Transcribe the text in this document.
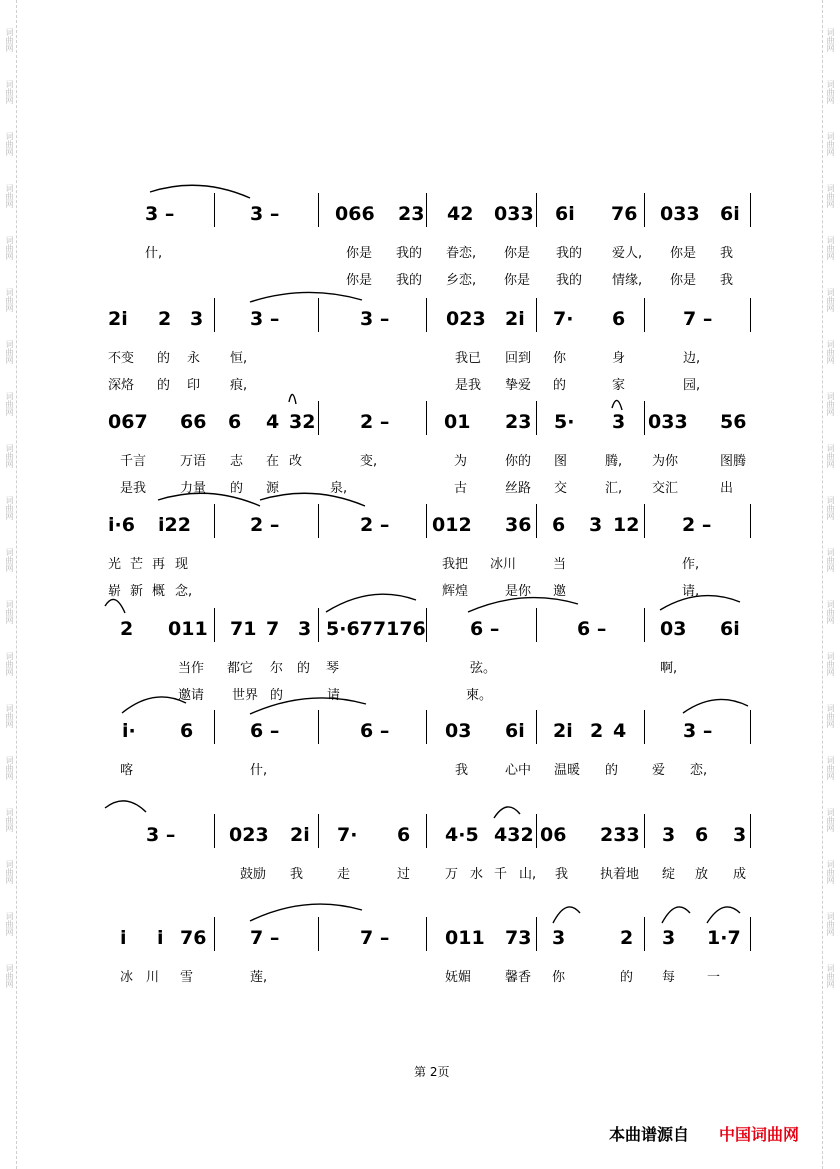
词曲网
词曲网
词曲网
词曲网
词曲网
词曲网
词曲网
词曲网
词曲网
词曲网
词曲网
词曲网
词曲网
词曲网
词曲网
词曲网
词曲网
词曲网
词曲网
词曲网
词曲网
词曲网
词曲网
词曲网
词曲网
词曲网
词曲网
词曲网
词曲网
词曲网
词曲网
词曲网
词曲网
词曲网
词曲网
词曲网
词曲网
词曲网
3 –	3 –	066 23 42 033 6i 76 033 6i
什,	你是 我的 眷恋, 你是 我的 爱人, 你是 我
你是 我的 乡恋, 你是 我的 情缘, 你是 我
2i 2 3 3 –	3 –	023 2i 7· 6	7 –
不变 的 永 恒,	我已 回到 你	身	边,
深烙 的 印 痕,	是我 挚爱 的	家	园,
067 66 6 4 32 2 –	01 23 5· 3 033 56
千言	万语 志 在 改	变,	为	你的 图	腾, 为你	图腾
是我	力量 的 源	泉,	古	丝路 交	汇, 交汇	出
i·6 i22	2 –	2 – 012 36 6 3 12 2 –
光 芒 再 现	我把 冰川	当	作,
崭 新 概 念,	辉煌	是你 邀	请,
2 011 71 7 3 5·677176 6 –	6 –	03 6i
当作 都它 尔 的 琴	弦。	啊,
邀请 世界 的	请	柬。
i· 6	6 –	6 –	03 6i 2i 2 4	3 –
喀	什,	我	心中 温暖 的	爱 恋,
3 –	023 2i 7· 6 4·5 432 06 233 3 6 3
鼓励 我	走	过	万 水 千 山, 我 执着地 绽 放 成
i i 76 7 –	7 –	011 73 3	2 3 1·7
冰 川 雪	莲,	妩媚	馨香 你	的 每 一
第 2页
本曲谱源自 中国词曲网
